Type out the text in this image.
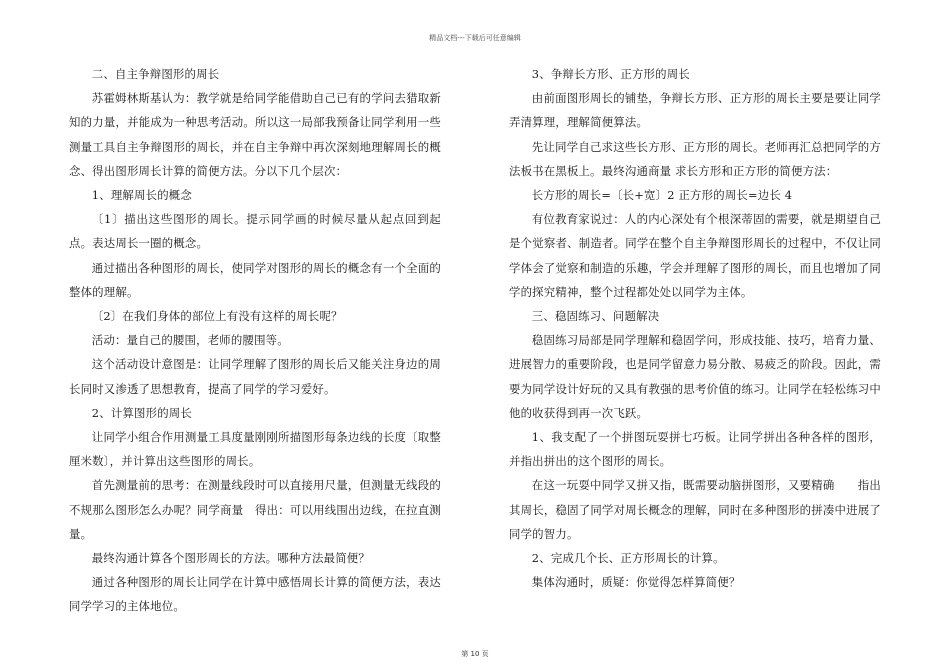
精品文档---下载后可任意编辑

二、自主争辩图形的周长

苏霍姆林斯基认为：教学就是给同学能借助自己已有的学问去猎取新知的力量，并能成为一种思考活动。所以这一局部我预备让同学利用一些测量工具自主争辩图形的周长，并在自主争辩中再次深刻地理解周长的概念、得出图形周长计算的简便方法。分以下几个层次：

1、理解周长的概念

〔1〕描出这些图形的周长。提示同学画的时候尽量从起点回到起点。表达周长一圈的概念。

通过描出各种图形的周长，使同学对图形的周长的概念有一个全面的整体的理解。

〔2〕在我们身体的部位上有没有这样的周长呢？

活动：量自己的腰围，老师的腰围等。

这个活动设计意图是：让同学理解了图形的周长后又能关注身边的周长同时又渗透了思想教育，提高了同学的学习爱好。

2、计算图形的周长

让同学小组合作用测量工具度量刚刚所描图形每条边线的长度〔取整厘米数〕，并计算出这些图形的周长。

首先测量前的思考：在测量线段时可以直接用尺量，但测量无线段的不规那么图形怎么办呢？同学商量　得出：可以用线围出边线，在拉直测量。

最终沟通计算各个图形周长的方法。哪种方法最简便？

通过各种图形的周长让同学在计算中感悟周长计算的简便方法，表达同学学习的主体地位。

3、争辩长方形、正方形的周长

由前面图形周长的铺垫，争辩长方形、正方形的周长主要是要让同学弄清算理，理解简便算法。

先让同学自己求这些长方形、正方形的周长。老师再汇总把同学的方法板书在黑板上。最终沟通商量 求长方形和正方形的简便方法：

长方形的周长=〔长+宽〕2 正方形的周长=边长 4

有位教育家说过：人的内心深处有个根深蒂固的需要，就是期望自己是个觉察者、制造者。同学在整个自主争辩图形周长的过程中，不仅让同学体会了觉察和制造的乐趣，学会并理解了图形的周长，而且也增加了同学的探究精神，整个过程都处处以同学为主体。

三、稳固练习、问题解决

稳固练习局部是同学理解和稳固学问，形成技能、技巧，培育力量、进展智力的重要阶段，也是同学留意力易分散、易疲乏的阶段。因此，需要为同学设计好玩的又具有教强的思考价值的练习。让同学在轻松练习中他的收获得到再一次飞跃。

1、我支配了一个拼图玩耍拼七巧板。让同学拼出各种各样的图形，并指出拼出的这个图形的周长。

在这一玩耍中同学又拼又指，既需要动脑拼图形，又要精确　　指出其周长，稳固了同学对周长概念的理解，同时在多种图形的拼凑中进展了同学的智力。

2、完成几个长、正方形周长的计算。

集体沟通时，质疑：你觉得怎样算简便？

第 10 页
